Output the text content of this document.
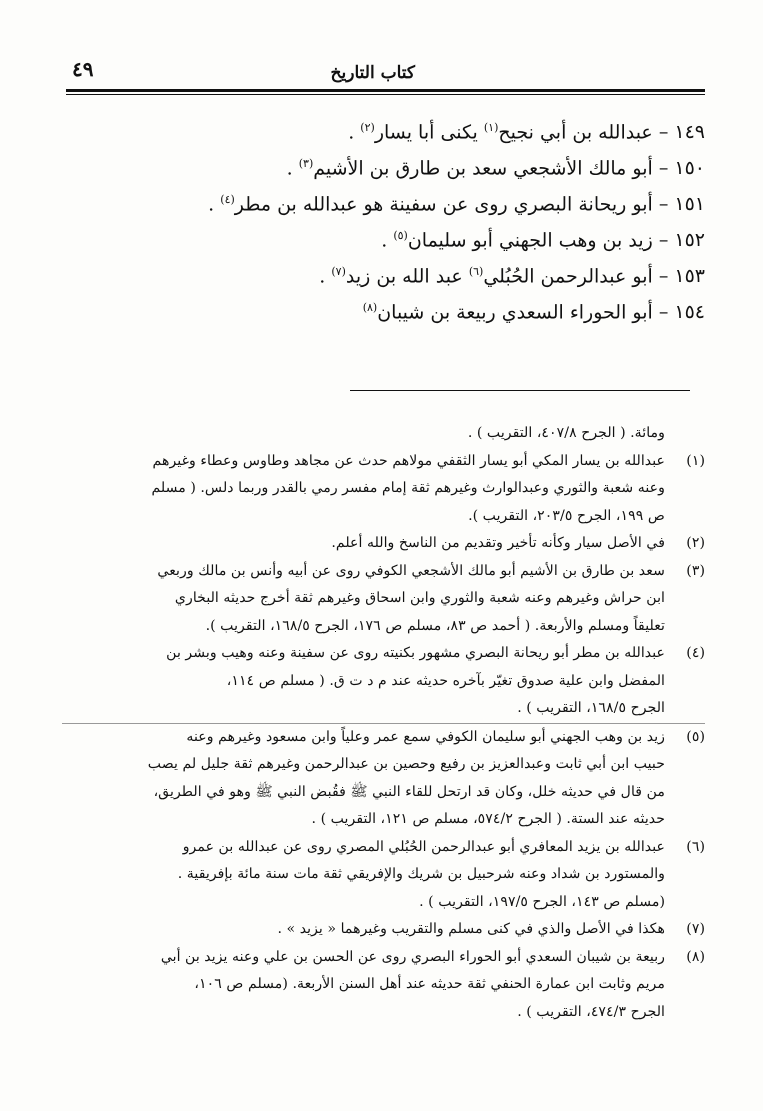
كتاب التاريخ
٤٩
١٤٩ – عبدالله بن أبي نجيح$^{(١)}$ يكنى أبا يسار$^{(٢)}$ .
١٥٠ – أبو مالك الأشجعي سعد بن طارق بن الأشيم$^{(٣)}$ .
١٥١ – أبو ريحانة البصري روى عن سفينة هو عبدالله بن مطر$^{(٤)}$ .
١٥٢ – زيد بن وهب الجهني أبو سليمان$^{(٥)}$ .
١٥٣ – أبو عبدالرحمن الحُبُلي$^{(٦)}$ عبد الله بن زيد$^{(٧)}$ .
١٥٤ – أبو الحوراء السعدي ربيعة بن شيبان$^{(٨)}$
ومائة. ( الجرح ٤٠٧/٨، التقريب ) .
(١)

عبدالله بن يسار المكي أبو يسار الثقفي مولاهم حدث عن مجاهد وطاوس وعطاء وغيرهم

وعنه شعبة والثوري وعبدالوارث وغيرهم ثقة إمام مفسر رمي بالقدر وربما دلس. ( مسلم

ص ١٩٩، الجرح ٢٠٣/٥، التقريب ).

(٢)

في الأصل سيار وكأنه تأخير وتقديم من الناسخ والله أعلم.

(٣)

سعد بن طارق بن الأشيم أبو مالك الأشجعي الكوفي روى عن أبيه وأنس بن مالك وربعي

ابن حراش وغيرهم وعنه شعبة والثوري وابن اسحاق وغيرهم ثقة أخرج حديثه البخاري

تعليقاً ومسلم والأربعة. ( أحمد ص ٨٣، مسلم ص ١٧٦، الجرح ١٦٨/٥، التقريب ).

(٤)

عبدالله بن مطر أبو ريحانة البصري مشهور بكنيته روى عن سفينة وعنه وهيب وبشر بن

المفضل وابن علية صدوق تغيّر بآخره حديثه عند م د ت ق. ( مسلم ص ١١٤،

الجرح ١٦٨/٥، التقريب ) .

(٥)

زيد بن وهب الجهني أبو سليمان الكوفي سمع عمر وعلياً وابن مسعود وغيرهم وعنه

حبيب ابن أبي ثابت وعبدالعزيز بن رفيع وحصين بن عبدالرحمن وغيرهم ثقة جليل لم يصب

من قال في حديثه خلل، وكان قد ارتحل للقاء النبي ﷺ فقُبض النبي ﷺ وهو في الطريق،

حديثه عند الستة. ( الجرح ٥٧٤/٢، مسلم ص ١٢١، التقريب ) .

(٦)

عبدالله بن يزيد المعافري أبو عبدالرحمن الحُبُلي المصري روى عن عبدالله بن عمرو

والمستورد بن شداد وعنه شرحبيل بن شريك والإفريقي ثقة مات سنة مائة بإفريقية .

(مسلم ص ١٤٣، الجرح ١٩٧/٥، التقريب ) .

(٧)

هكذا في الأصل والذي في كنى مسلم والتقريب وغيرهما « يزيد » .

(٨)

ربيعة بن شيبان السعدي أبو الحوراء البصري روى عن الحسن بن علي وعنه يزيد بن أبي

مريم وثابت ابن عمارة الحنفي ثقة حديثه عند أهل السنن الأربعة. (مسلم ص ١٠٦،

الجرح ٤٧٤/٣، التقريب ) .
